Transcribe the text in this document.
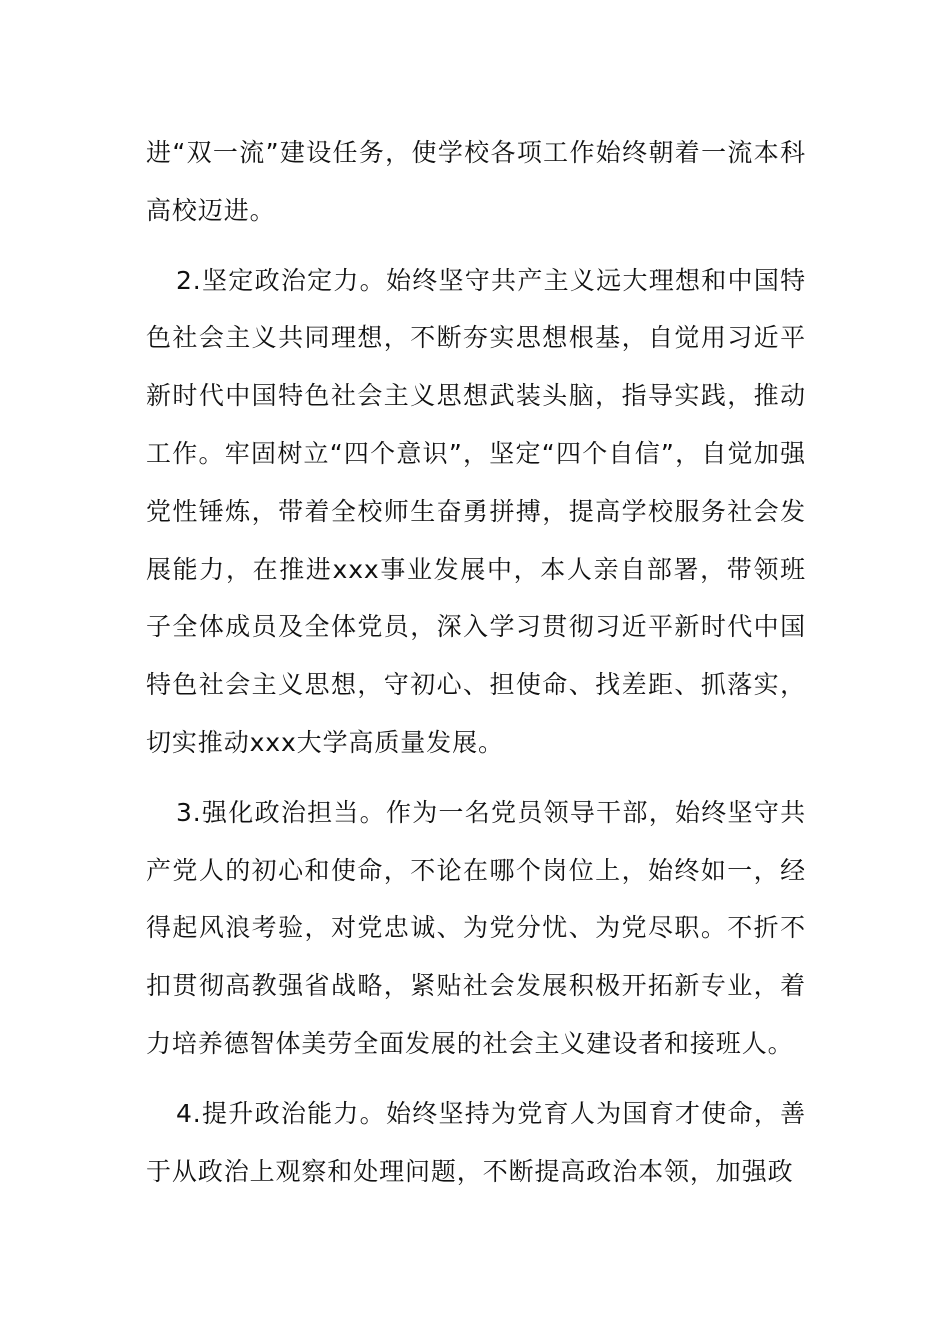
进“双一流”建设任务，使学校各项工作始终朝着一流本科高校迈进。

2.坚定政治定力。始终坚守共产主义远大理想和中国特色社会主义共同理想，不断夯实思想根基，自觉用习近平新时代中国特色社会主义思想武装头脑，指导实践，推动工作。牢固树立“四个意识”，坚定“四个自信”，自觉加强党性锤炼，带着全校师生奋勇拼搏，提高学校服务社会发展能力，在推进xxx事业发展中，本人亲自部署，带领班子全体成员及全体党员，深入学习贯彻习近平新时代中国特色社会主义思想，守初心、担使命、找差距、抓落实，切实推动xxx大学高质量发展。

3.强化政治担当。作为一名党员领导干部，始终坚守共产党人的初心和使命，不论在哪个岗位上，始终如一，经得起风浪考验，对党忠诚、为党分忧、为党尽职。不折不扣贯彻高教强省战略，紧贴社会发展积极开拓新专业，着力培养德智体美劳全面发展的社会主义建设者和接班人。

4.提升政治能力。始终坚持为党育人为国育才使命，善于从政治上观察和处理问题，不断提高政治本领，加强政
